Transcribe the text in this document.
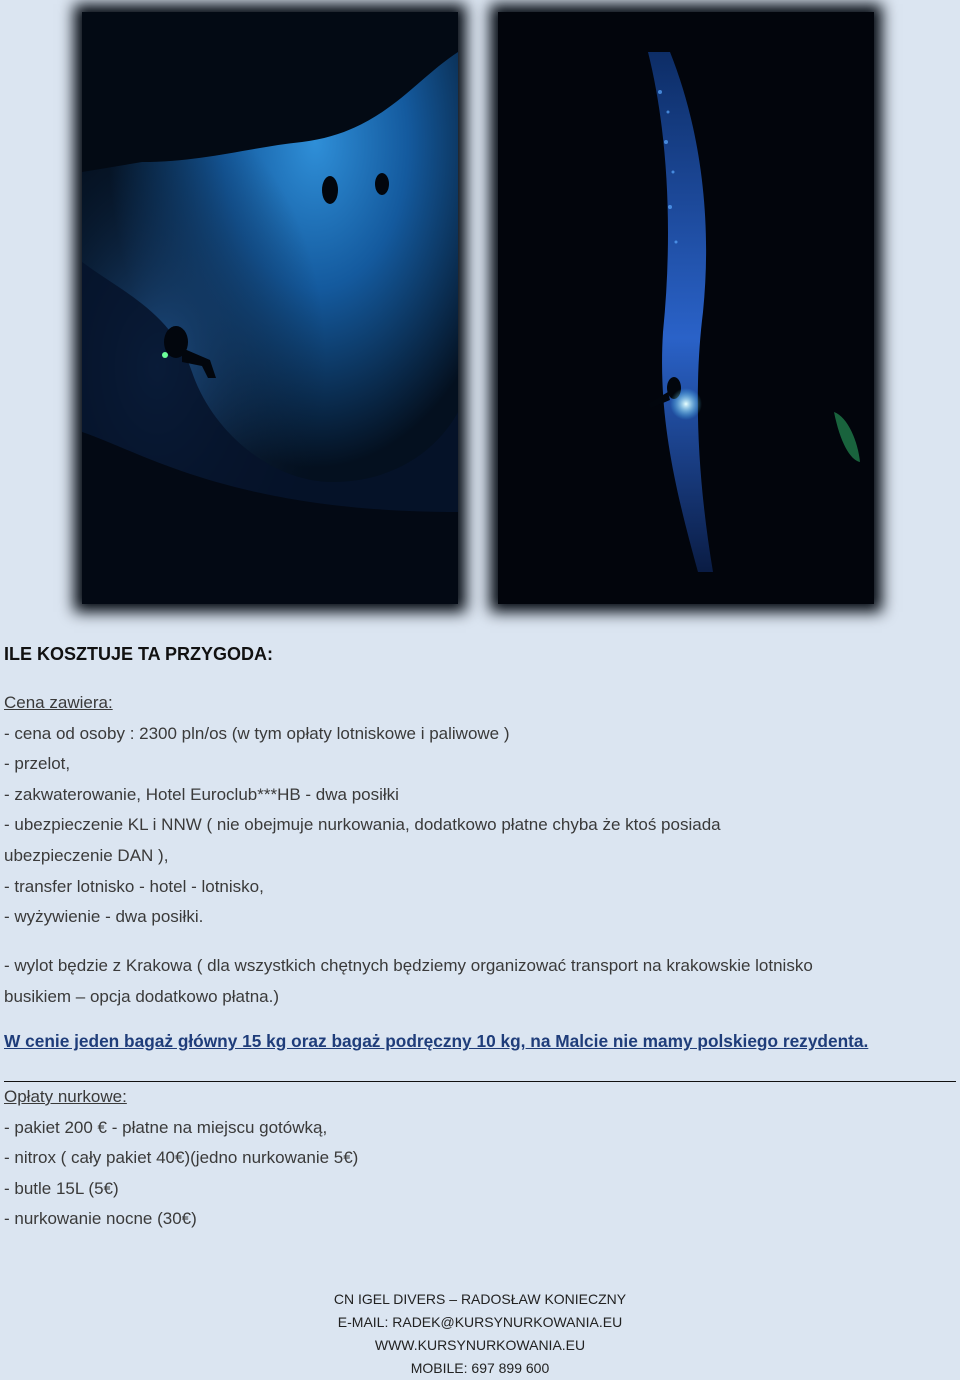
ILE KOSZTUJE TA PRZYGODA:
Cena zawiera:
- cena od osoby : 2300 pln/os (w tym opłaty lotniskowe i paliwowe )
- przelot,
- zakwaterowanie, Hotel Euroclub***HB - dwa posiłki
- ubezpieczenie KL i NNW ( nie obejmuje nurkowania, dodatkowo płatne chyba że ktoś posiada
ubezpieczenie DAN ),
- transfer lotnisko - hotel - lotnisko,
- wyżywienie - dwa posiłki.
- wylot będzie z Krakowa ( dla wszystkich chętnych będziemy organizować transport na krakowskie lotnisko
busikiem – opcja dodatkowo płatna.)
W cenie jeden bagaż główny 15 kg oraz bagaż podręczny 10 kg, na Malcie nie mamy polskiego rezydenta.
Opłaty nurkowe:
- pakiet 200 € - płatne na miejscu gotówką,
- nitrox ( cały pakiet 40€)(jedno nurkowanie 5€)
- butle 15L (5€)
- nurkowanie nocne (30€)
CN IGEL DIVERS – RADOSŁAW KONIECZNY
E-MAIL: RADEK@KURSYNURKOWANIA.EU
WWW.KURSYNURKOWANIA.EU
MOBILE: 697 899 600
